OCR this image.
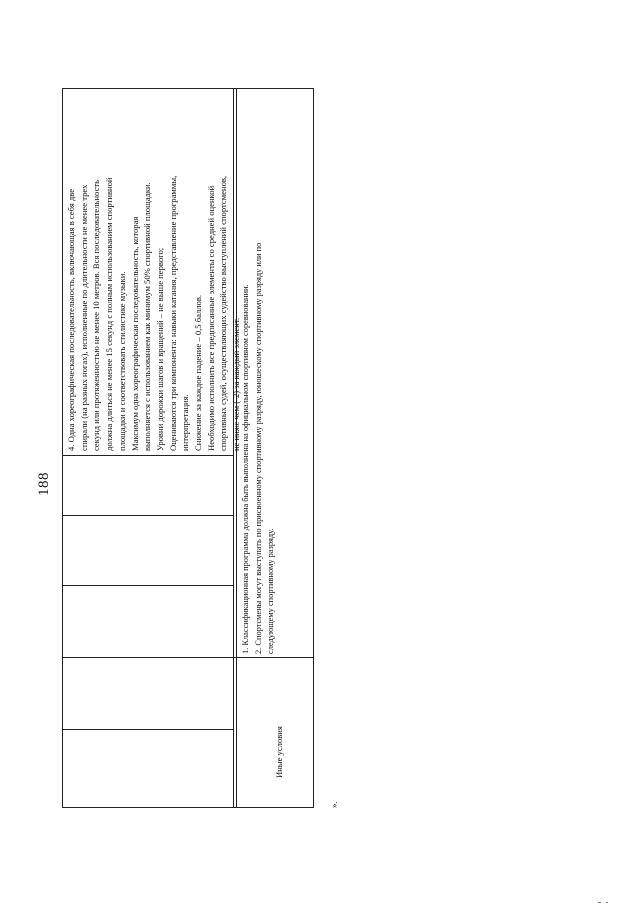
188
4. Одна хореографическая последовательность, включающая в себя две спирали (на разных ногах), исполненные по длительности не менее трех секунд или протяженностью не менее 10 метров. Вся последовательность должна длиться не менее 15 секунд с полным использованием спортивной площадки и соответствовать стилистике музыки. Максимум одна хореографическая последовательность, которая выполняется с использованием как минимум 50% спортивной площадки. Уровни дорожки шагов и вращений – не выше первого; Оцениваются три компонента: навыки катания, представление программы, интерпретация. Снижение за каждое падение – 0,5 баллов. Необходимо исполнить все предписанные элементы со средней оценкой спортивных судей, осуществляющих судейство выступлений спортсменов, не ниже чем (-2) за каждый элемент.
Иные условия
1. Классификационная программа должна быть выполнена на официальном спортивном соревновании. 2. Спортсмены могут выступать по присвоенному спортивному разряду, юношескому спортивному разряду или по следующему спортивному разряду.
».
